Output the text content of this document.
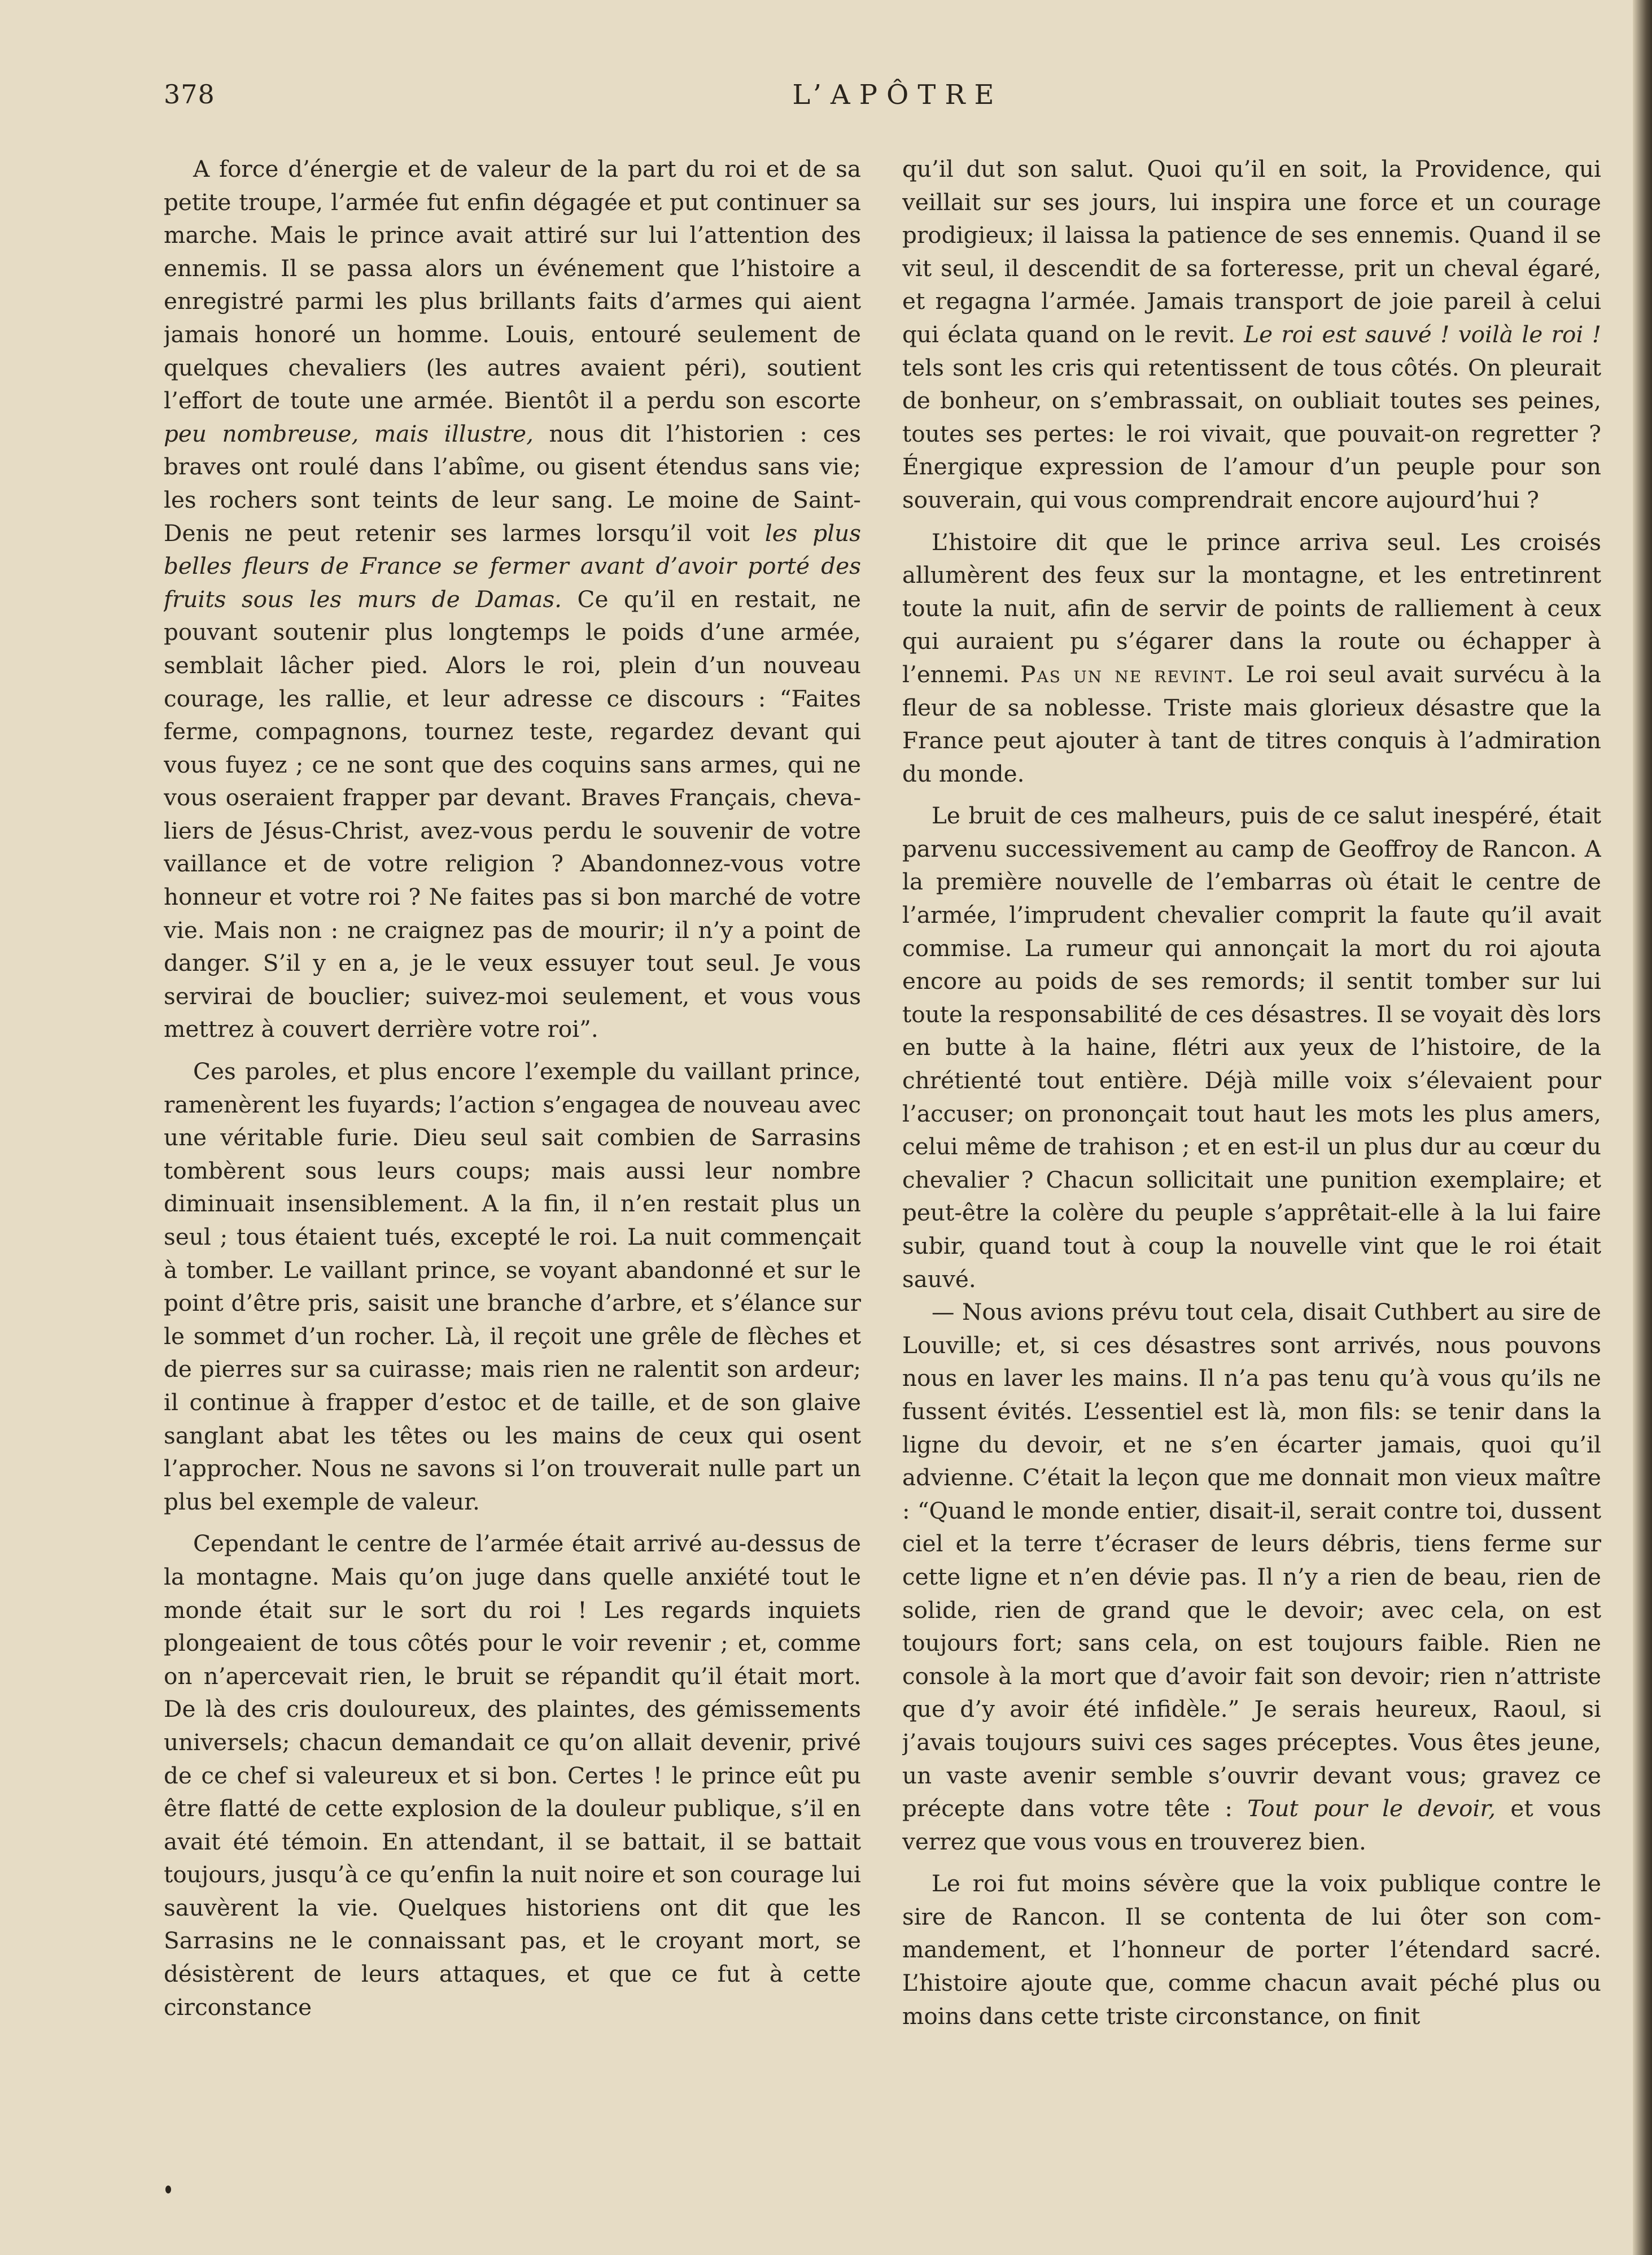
378	L’APÔTRE

A force d’énergie et de valeur de la part du roi et de sa petite troupe, l’armée fut enfin dégagée et put continuer sa marche. Mais le prince avait attiré sur lui l’attention des ennemis. Il se passa alors un événement que l’histoire a enregistré parmi les plus brillants faits d’armes qui aient jamais honoré un homme. Louis, entouré seulement de quelques chevaliers (les autres avaient péri), soutient l’effort de toute une armée. Bientôt il a perdu son escorte peu nombreuse, mais illustre, nous dit l’historien : ces braves ont roulé dans l’abîme, ou gisent étendus sans vie; les rochers sont teints de leur sang. Le moine de Saint-Denis ne peut retenir ses larmes lorsqu’il voit les plus belles fleurs de France se fermer avant d’avoir porté des fruits sous les murs de Damas. Ce qu’il en restait, ne pouvant soutenir plus longtemps le poids d’une armée, semblait lâcher pied. Alors le roi, plein d’un nouveau courage, les rallie, et leur adresse ce discours : “Faites ferme, compagnons, tournez teste, regardez devant qui vous fuyez ; ce ne sont que des coquins sans armes, qui ne vous oseraient frapper par devant. Braves Français, chevaliers de Jésus-Christ, avez-vous perdu le souvenir de votre vaillance et de votre religion ? Abandonnez-vous votre honneur et votre roi ? Ne faites pas si bon marché de votre vie. Mais non : ne craignez pas de mourir; il n’y a point de danger. S’il y en a, je le veux essuyer tout seul. Je vous servirai de bouclier; suivez-moi seulement, et vous vous mettrez à couvert derrière votre roi”.

Ces paroles, et plus encore l’exemple du vaillant prince, ramenèrent les fuyards; l’action s’engagea de nouveau avec une véritable furie. Dieu seul sait combien de Sarrasins tombèrent sous leurs coups; mais aussi leur nombre diminuait insensiblement. A la fin, il n’en restait plus un seul ; tous étaient tués, excepté le roi. La nuit commençait à tomber. Le vaillant prince, se voyant abandonné et sur le point d’être pris, saisit une branche d’arbre, et s’élance sur le sommet d’un rocher. Là, il reçoit une grêle de flèches et de pierres sur sa cuirasse; mais rien ne ralentit son ardeur; il continue à frapper d’estoc et de taille, et de son glaive sanglant abat les têtes ou les mains de ceux qui osent l’approcher. Nous ne savons si l’on trouverait nulle part un plus bel exemple de valeur.

Cependant le centre de l’armée était arrivé au-dessus de la montagne. Mais qu’on juge dans quelle anxiété tout le monde était sur le sort du roi ! Les regards inquiets plongeaient de tous côtés pour le voir revenir ; et, comme on n’apercevait rien, le bruit se répandit qu’il était mort. De là des cris douloureux, des plaintes, des gémissements universels; chacun demandait ce qu’on allait devenir, privé de ce chef si valeureux et si bon. Certes ! le prince eût pu être flatté de cette explosion de la douleur publique, s’il en avait été témoin. En attendant, il se battait, il se battait toujours, jusqu’à ce qu’enfin la nuit noire et son courage lui sauvèrent la vie. Quelques historiens ont dit que les Sarrasins ne le connaissant pas, et le croyant mort, se désistèrent de leurs attaques, et que ce fut à cette circonstance

qu’il dut son salut. Quoi qu’il en soit, la Providence, qui veillait sur ses jours, lui inspira une force et un courage prodigieux; il laissa la patience de ses ennemis. Quand il se vit seul, il descendit de sa forteresse, prit un cheval égaré, et regagna l’armée. Jamais transport de joie pareil à celui qui éclata quand on le revit. Le roi est sauvé ! voilà le roi ! tels sont les cris qui retentissent de tous côtés. On pleurait de bonheur, on s’embrassait, on oubliait toutes ses peines, toutes ses pertes: le roi vivait, que pouvait-on regretter ? Énergique expression de l’amour d’un peuple pour son souverain, qui vous comprendrait encore aujourd’hui ?

L’histoire dit que le prince arriva seul. Les croisés allumèrent des feux sur la montagne, et les entretinrent toute la nuit, afin de servir de points de ralliement à ceux qui auraient pu s’égarer dans la route ou échapper à l’ennemi. Pas un ne revint. Le roi seul avait survécu à la fleur de sa noblesse. Triste mais glorieux désastre que la France peut ajouter à tant de titres conquis à l’admiration du monde.

Le bruit de ces malheurs, puis de ce salut inespéré, était parvenu successivement au camp de Geoffroy de Rancon. A la première nouvelle de l’embarras où était le centre de l’armée, l’imprudent chevalier comprit la faute qu’il avait commise. La rumeur qui annonçait la mort du roi ajouta encore au poids de ses remords; il sentit tomber sur lui toute la responsabilité de ces désastres. Il se voyait dès lors en butte à la haine, flétri aux yeux de l’histoire, de la chrétienté tout entière. Déjà mille voix s’élevaient pour l’accuser; on prononçait tout haut les mots les plus amers, celui même de trahison ; et en est-il un plus dur au cœur du chevalier ? Chacun sollicitait une punition exemplaire; et peut-être la colère du peuple s’apprêtait-elle à la lui faire subir, quand tout à coup la nouvelle vint que le roi était sauvé.

— Nous avions prévu tout cela, disait Cuthbert au sire de Louville; et, si ces désastres sont arrivés, nous pouvons nous en laver les mains. Il n’a pas tenu qu’à vous qu’ils ne fussent évités. L’essentiel est là, mon fils: se tenir dans la ligne du devoir, et ne s’en écarter jamais, quoi qu’il advienne. C’était la leçon que me donnait mon vieux maître : “Quand le monde entier, disait-il, serait contre toi, dussent ciel et la terre t’écraser de leurs débris, tiens ferme sur cette ligne et n’en dévie pas. Il n’y a rien de beau, rien de solide, rien de grand que le devoir; avec cela, on est toujours fort; sans cela, on est toujours faible. Rien ne console à la mort que d’avoir fait son devoir; rien n’attriste que d’y avoir été infidèle.” Je serais heureux, Raoul, si j’avais toujours suivi ces sages préceptes. Vous êtes jeune, un vaste avenir semble s’ouvrir devant vous; gravez ce précepte dans votre tête : Tout pour le devoir, et vous verrez que vous vous en trouverez bien.

Le roi fut moins sévère que la voix publique contre le sire de Rancon. Il se contenta de lui ôter son commandement, et l’honneur de porter l’étendard sacré. L’histoire ajoute que, comme chacun avait péché plus ou moins dans cette triste circonstance, on finit
